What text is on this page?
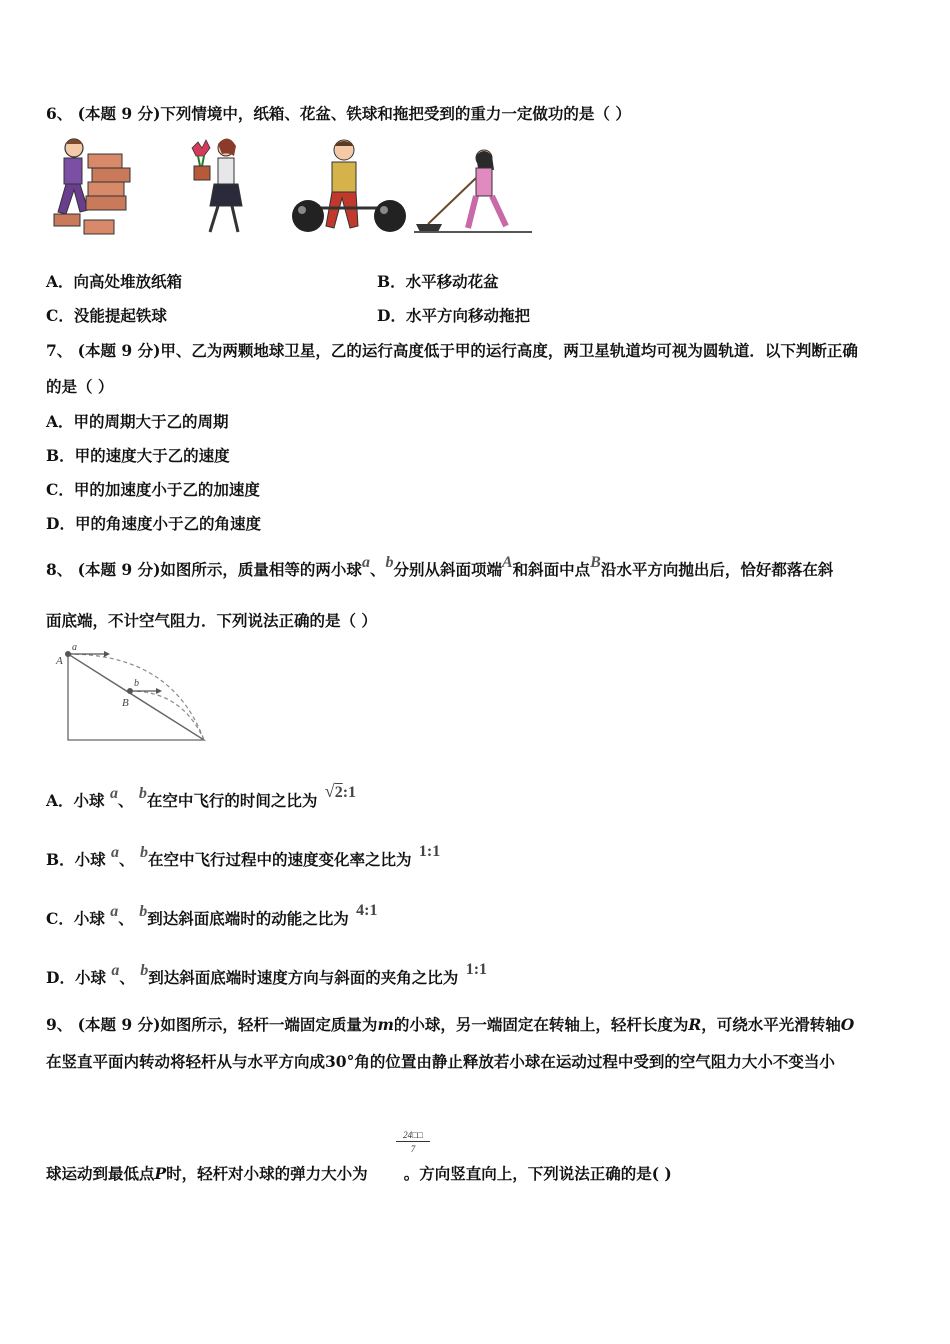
6、 (本题 9 分)下列情境中，纸箱、花盆、铁球和拖把受到的重力一定做功的是（ ）
A．向高处堆放纸箱	B．水平移动花盆
C．没能提起铁球	D．水平方向移动拖把
7、 (本题 9 分)甲、乙为两颗地球卫星，乙的运行高度低于甲的运行高度，两卫星轨道均可视为圆轨道．以下判断正确
的是（ ）
A．甲的周期大于乙的周期
B．甲的速度大于乙的速度
C．甲的加速度小于乙的加速度
D．甲的角速度小于乙的角速度
8、 (本题 9 分)如图所示，质量相等的两小球a、b分别从斜面项端A和斜面中点B沿水平方向抛出后，恰好都落在斜
面底端，不计空气阻力．下列说法正确的是（ ）
A
a
B
b
A．小球 a、 b在空中飞行的时间之比为 √2:1
B．小球 a、 b在空中飞行过程中的速度变化率之比为 1:1
C．小球 a、 b到达斜面底端时的动能之比为 4:1
D．小球 a、 b到达斜面底端时速度方向与斜面的夹角之比为 1:1
9、 (本题 9 分)如图所示，轻杆一端固定质量为m的小球，另一端固定在转轴上，轻杆长度为R，可绕水平光滑转轴O
在竖直平面内转动将轻杆从与水平方向成30°角的位置由静止释放若小球在运动过程中受到的空气阻力大小不变当小
$\frac{24□□}{7}$
球运动到最低点P时，轻杆对小球的弹力大小为 。方向竖直向上，下列说法正确的是( )
